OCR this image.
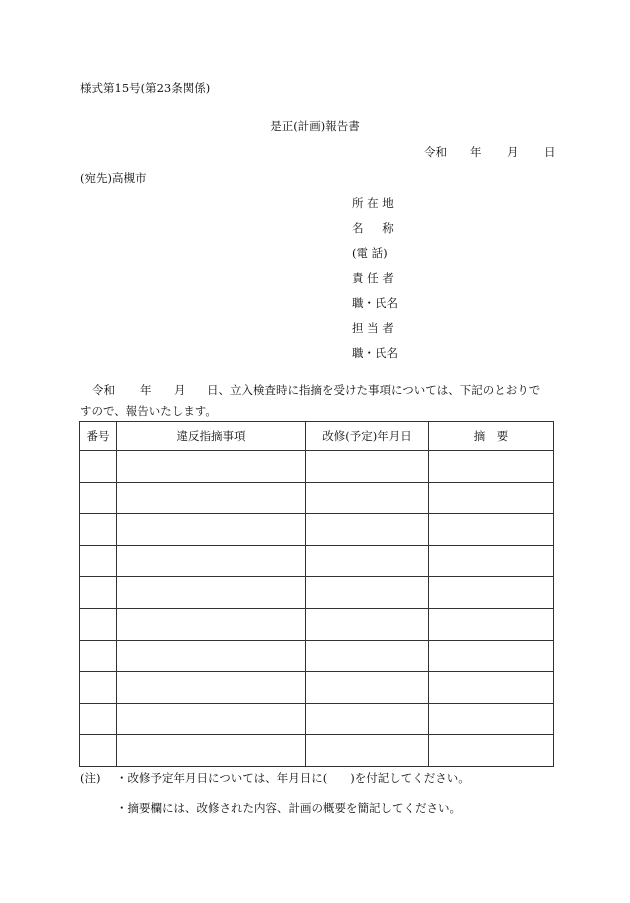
様式第15号(第23条関係)
是正(計画)報告書
令和	年	月	日
(宛先)高槻市
所 在 地
名 　 称
(電 話)
責 任 者
職・氏名
担 当 者
職・氏名
令和 年 月 日、立入検査時に指摘を受けた事項については、下記のとおりで
すので、報告いたします。
番号	違反指摘事項	改修(予定)年月日	摘　要

(注)	・改修予定年月日については、年月日に(　　)を付記してください。
・摘要欄には、改修された内容、計画の概要を簡記してください。
